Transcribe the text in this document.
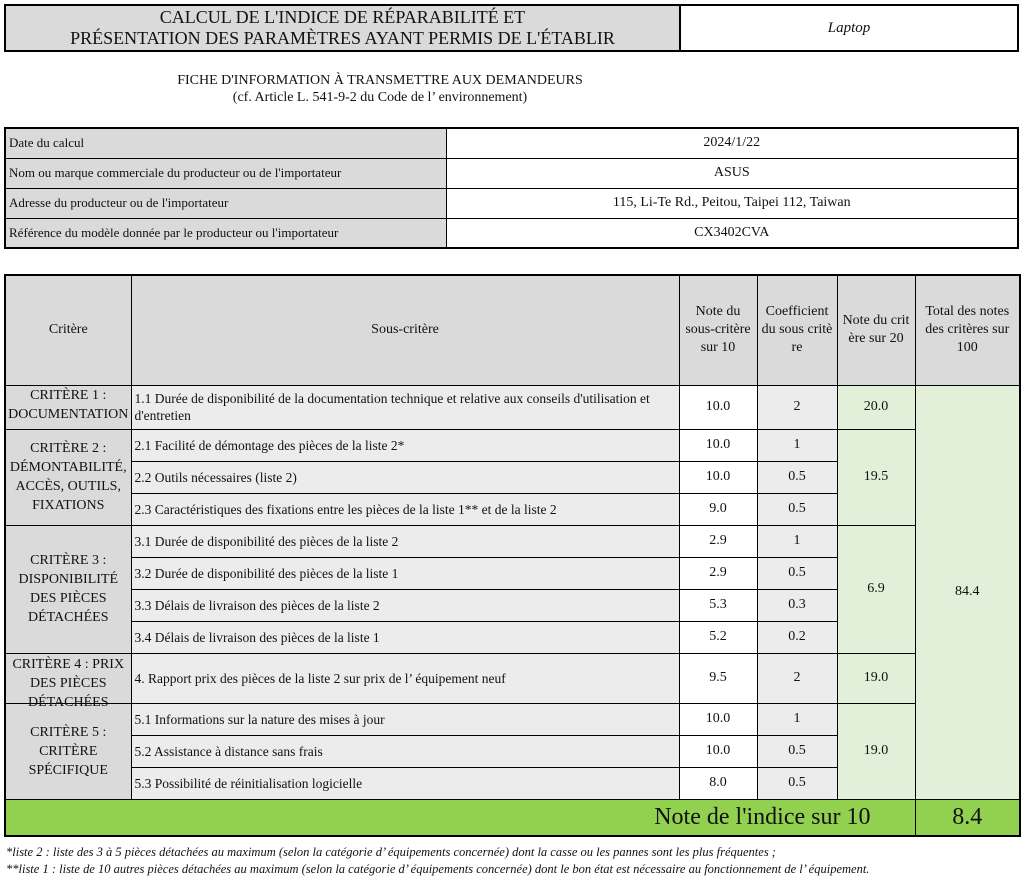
CALCUL DE L'INDICE DE RÉPARABILITÉ ET
PRÉSENTATION DES PARAMÈTRES AYANT PERMIS DE L'ÉTABLIR
Laptop
FICHE D'INFORMATION À TRANSMETTRE AUX DEMANDEURS
(cf. Article L. 541-9-2 du Code de l’ environnement)
Date du calcul	2024/1/22
Nom ou marque commerciale du producteur ou de l'importateur	ASUS
Adresse du producteur ou de l'importateur	115, Li-Te Rd., Peitou, Taipei 112, Taiwan
Référence du modèle donnée par le producteur ou l'importateur	CX3402CVA
Critère	Sous-critère	Note du sous-critère sur 10	Coefficient du sous critè re	Note du crit ère sur 20	Total des notes des critères sur 100

CRITÈRE 1 : DOCUMENTATION	1.1 Durée de disponibilité de la documentation technique et relative aux conseils d'utilisation et d'entretien	10.0	2	20.0	84.4
CRITÈRE 2 : DÉMONTABILITÉ, ACCÈS, OUTILS, FIXATIONS	2.1 Facilité de démontage des pièces de la liste 2*	10.0	1	19.5	
	2.2 Outils nécessaires (liste 2)	10.0	0.5		
	2.3 Caractéristiques des fixations entre les pièces de la liste 1** et de la liste 2	9.0	0.5		
CRITÈRE 3 : DISPONIBILITÉ DES PIÈCES DÉTACHÉES	3.1 Durée de disponibilité des pièces de la liste 2	2.9	1	6.9	
	3.2 Durée de disponibilité des pièces de la liste 1	2.9	0.5		
	3.3 Délais de livraison des pièces de la liste 2	5.3	0.3		
	3.4 Délais de livraison des pièces de la liste 1	5.2	0.2		

CRITÈRE 4 : PRIX DES PIÈCES DÉTACHÉES	4. Rapport prix des pièces de la liste 2 sur prix de l’ équipement neuf	9.5	2	19.0	
CRITÈRE 5 : CRITÈRE SPÉCIFIQUE	5.1 Informations sur la nature des mises à jour	10.0	1	19.0	
	5.2 Assistance à distance sans frais	10.0	0.5		
	5.3 Possibilité de réinitialisation logicielle	8.0	0.5		
Note de l'indice sur 10					8.4
*liste 2 : liste des 3 à 5 pièces détachées au maximum (selon la catégorie d’ équipements concernée) dont la casse ou les pannes sont les plus fréquentes ;
**liste 1 : liste de 10 autres pièces détachées au maximum (selon la catégorie d’ équipements concernée) dont le bon état est nécessaire au fonctionnement de l’ équipement.
